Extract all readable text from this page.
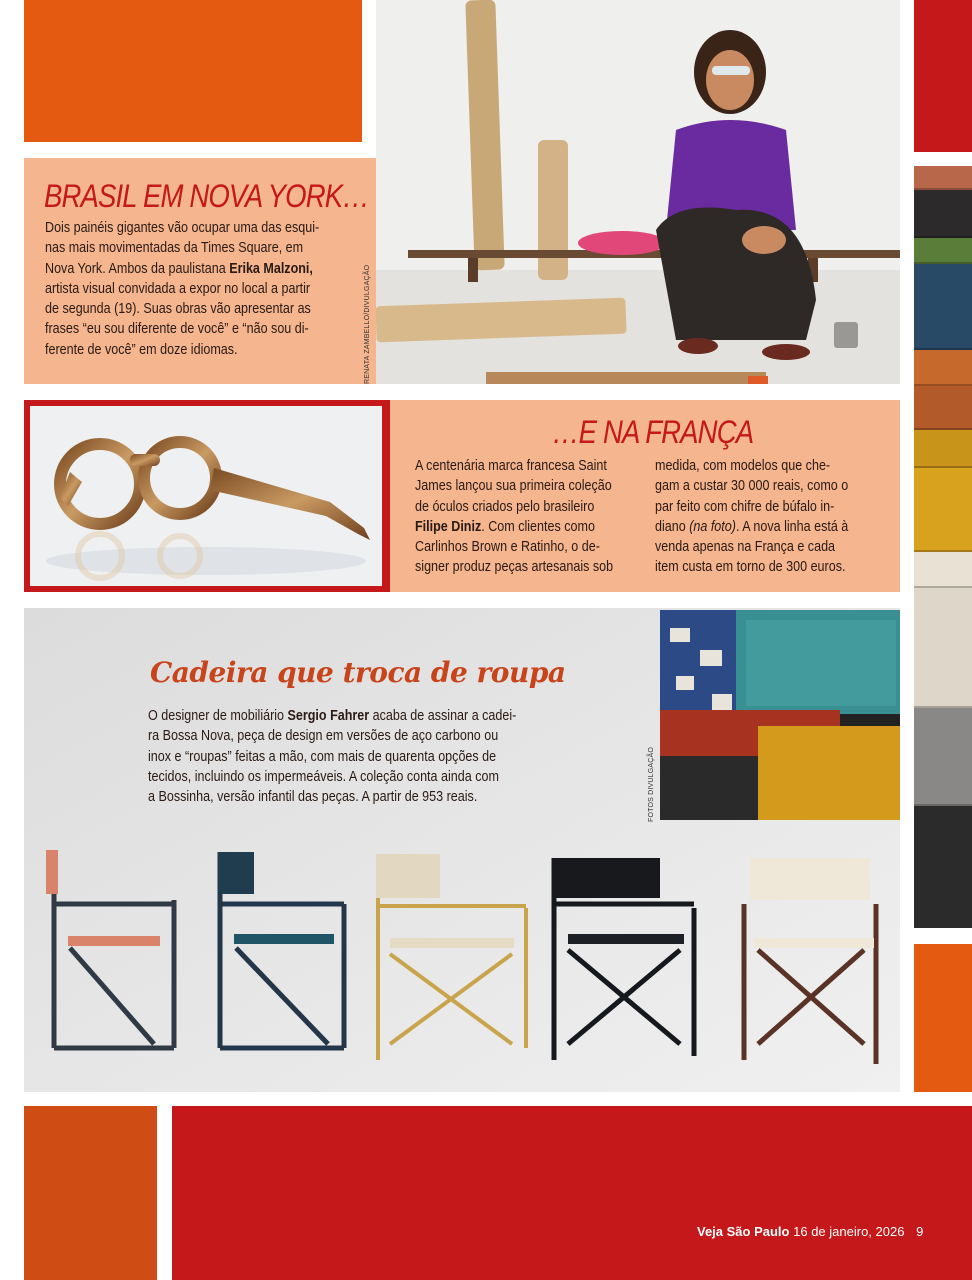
BRASIL EM NOVA YORK…
Dois painéis gigantes vão ocupar uma das esqui-
nas mais movimentadas da Times Square, em
Nova York. Ambos da paulistana Erika Malzoni,
artista visual convidada a expor no local a partir
de segunda (19). Suas obras vão apresentar as
frases “eu sou diferente de você” e “não sou di-
ferente de você” em doze idiomas.	RENATA ZAMBELLO/DIVULGAÇÃO
…E NA FRANÇA
A centenária marca francesa Saint
James lançou sua primeira coleção
de óculos criados pelo brasileiro
Filipe Diniz. Com clientes como
Carlinhos Brown e Ratinho, o de-
signer produz peças artesanais sob
medida, com modelos que che-
gam a custar 30 000 reais, como o
par feito com chifre de búfalo in-
diano (na foto). A nova linha está à
venda apenas na França e cada
item custa em torno de 300 euros.
FOTOS DIVULGAÇÃO
Cadeira que troca de roupa
O designer de mobiliário Sergio Fahrer acaba de assinar a cadei-
ra Bossa Nova, peça de design em versões de aço carbono ou
inox e “roupas” feitas a mão, com mais de quarenta opções de
tecidos, incluindo os impermeáveis. A coleção conta ainda com
a Bossinha, versão infantil das peças. A partir de 953 reais.
Veja São Paulo 16 de janeiro, 2026 9
